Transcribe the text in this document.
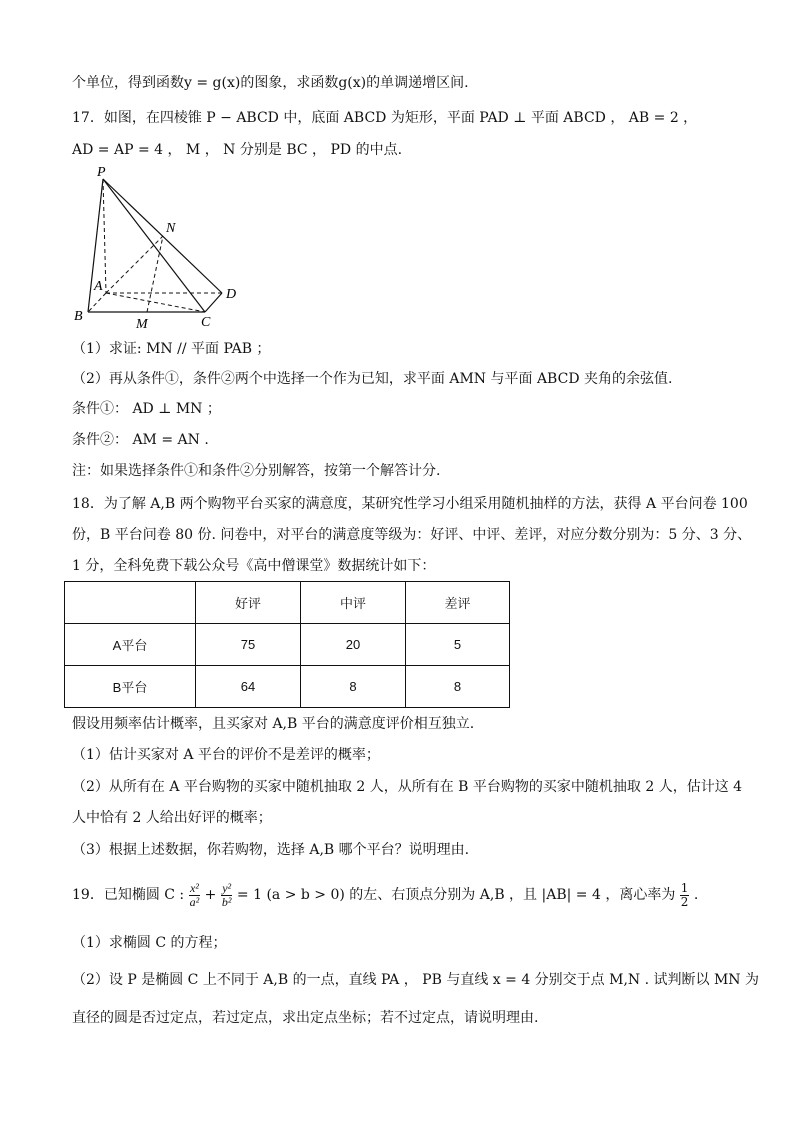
个单位，得到函数y = g(x)的图象，求函数g(x)的单调递增区间.
17．如图，在四棱锥 P − ABCD 中，底面 ABCD 为矩形，平面 PAD ⊥ 平面 ABCD ， AB = 2 ，
AD = AP = 4 ， M ， N 分别是 BC ， PD 的中点.
P
N
A
D
B
M	C
（1）求证: MN // 平面 PAB ；
（2）再从条件①，条件②两个中选择一个作为已知，求平面 AMN 与平面 ABCD 夹角的余弦值.
条件①： AD ⊥ MN ；
条件②： AM = AN .
注：如果选择条件①和条件②分别解答，按第一个解答计分.
18．为了解 A,B 两个购物平台买家的满意度，某研究性学习小组采用随机抽样的方法，获得 A 平台问卷 100
份，B 平台问卷 80 份. 问卷中，对平台的满意度等级为：好评、中评、差评，对应分数分别为：5 分、3 分、
1 分，全科免费下载公众号《高中僧课堂》数据统计如下：
	好评	中评	差评
A平台	75	20	5
B平台	64	8	8
假设用频率估计概率，且买家对 A,B 平台的满意度评价相互独立.
（1）估计买家对 A 平台的评价不是差评的概率；
（2）从所有在 A 平台购物的买家中随机抽取 2 人，从所有在 B 平台购物的买家中随机抽取 2 人，估计这 4
人中恰有 2 人给出好评的概率；
（3）根据上述数据，你若购物，选择 A,B 哪个平台？说明理由.
19．已知椭圆 C : $\frac{\text{x²}}{\text{a²}} + \frac{\text{y²}}{\text{b²}} = 1$ (a > b > 0) 的左、右顶点分别为 A,B ，且 |AB| = 4 ，离心率为 $\frac{1}{2}$ .
（1）求椭圆 C 的方程；
（2）设 P 是椭圆 C 上不同于 A,B 的一点，直线 PA ， PB 与直线 x = 4 分别交于点 M,N . 试判断以 MN 为
直径的圆是否过定点，若过定点，求出定点坐标；若不过定点，请说明理由.
